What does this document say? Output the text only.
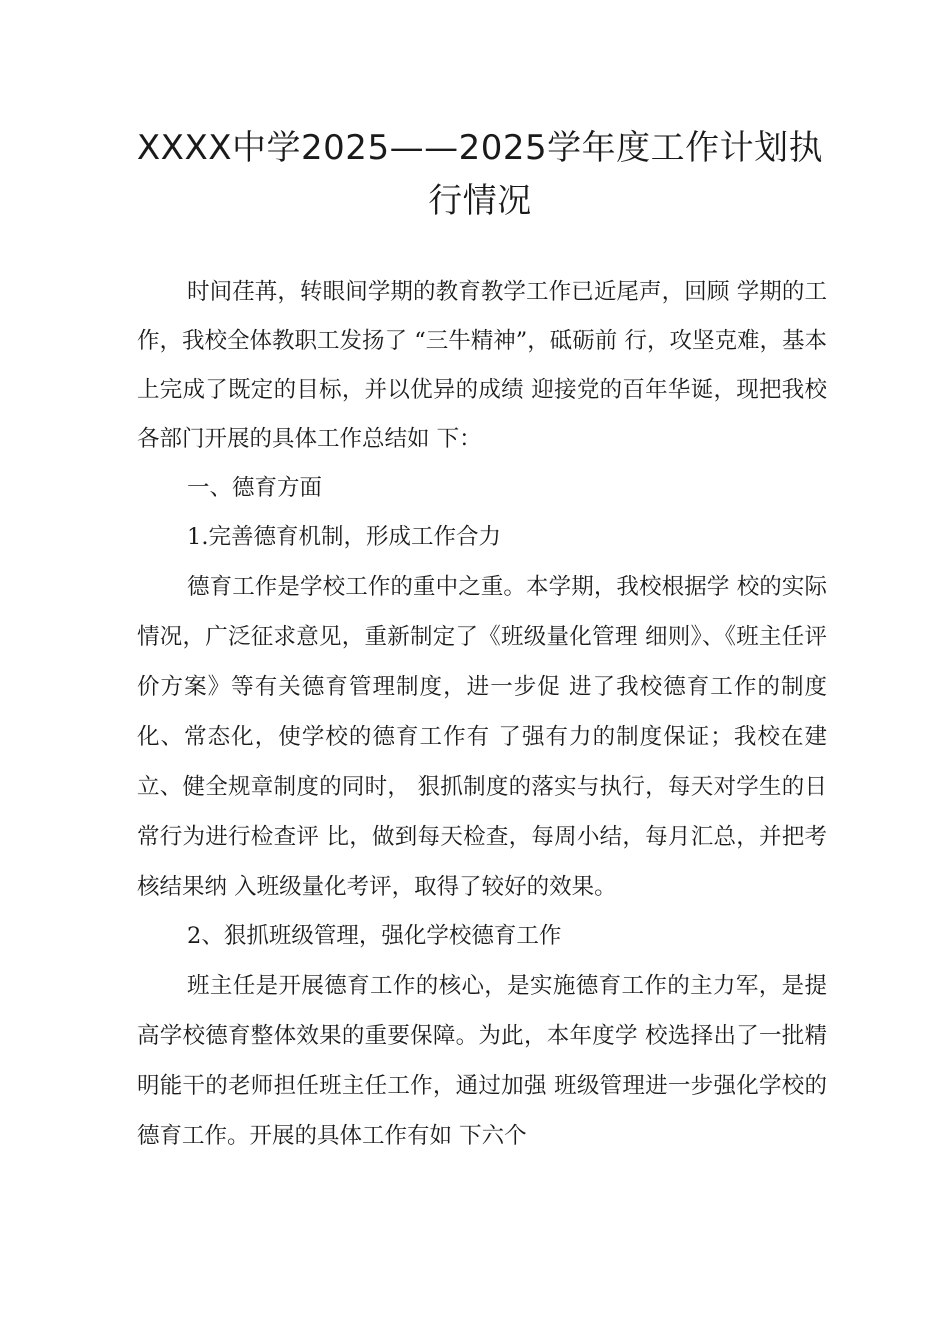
XXXX中学2025——2025学年度工作计划执行情况

时间荏苒，转眼间学期的教育教学工作已近尾声，回顾 学期的工作，我校全体教职工发扬了 “三牛精神”，砥砺前 行，攻坚克难，基本上完成了既定的目标，并以优异的成绩 迎接党的百年华诞，现把我校各部门开展的具体工作总结如 下：

一、德育方面

1.完善德育机制，形成工作合力

德育工作是学校工作的重中之重。本学期，我校根据学 校的实际情况，广泛征求意见，重新制定了《班级量化管理 细则》、《班主任评价方案》等有关德育管理制度，进一步促 进了我校德育工作的制度化、常态化，使学校的德育工作有 了强有力的制度保证；我校在建立、健全规章制度的同时， 狠抓制度的落实与执行，每天对学生的日常行为进行检查评 比，做到每天检查，每周小结，每月汇总，并把考核结果纳 入班级量化考评，取得了较好的效果。

2、狠抓班级管理，强化学校德育工作

班主任是开展德育工作的核心，是实施德育工作的主力军，是提高学校德育整体效果的重要保障。为此，本年度学 校选择出了一批精明能干的老师担任班主任工作，通过加强 班级管理进一步强化学校的德育工作。开展的具体工作有如 下六个
